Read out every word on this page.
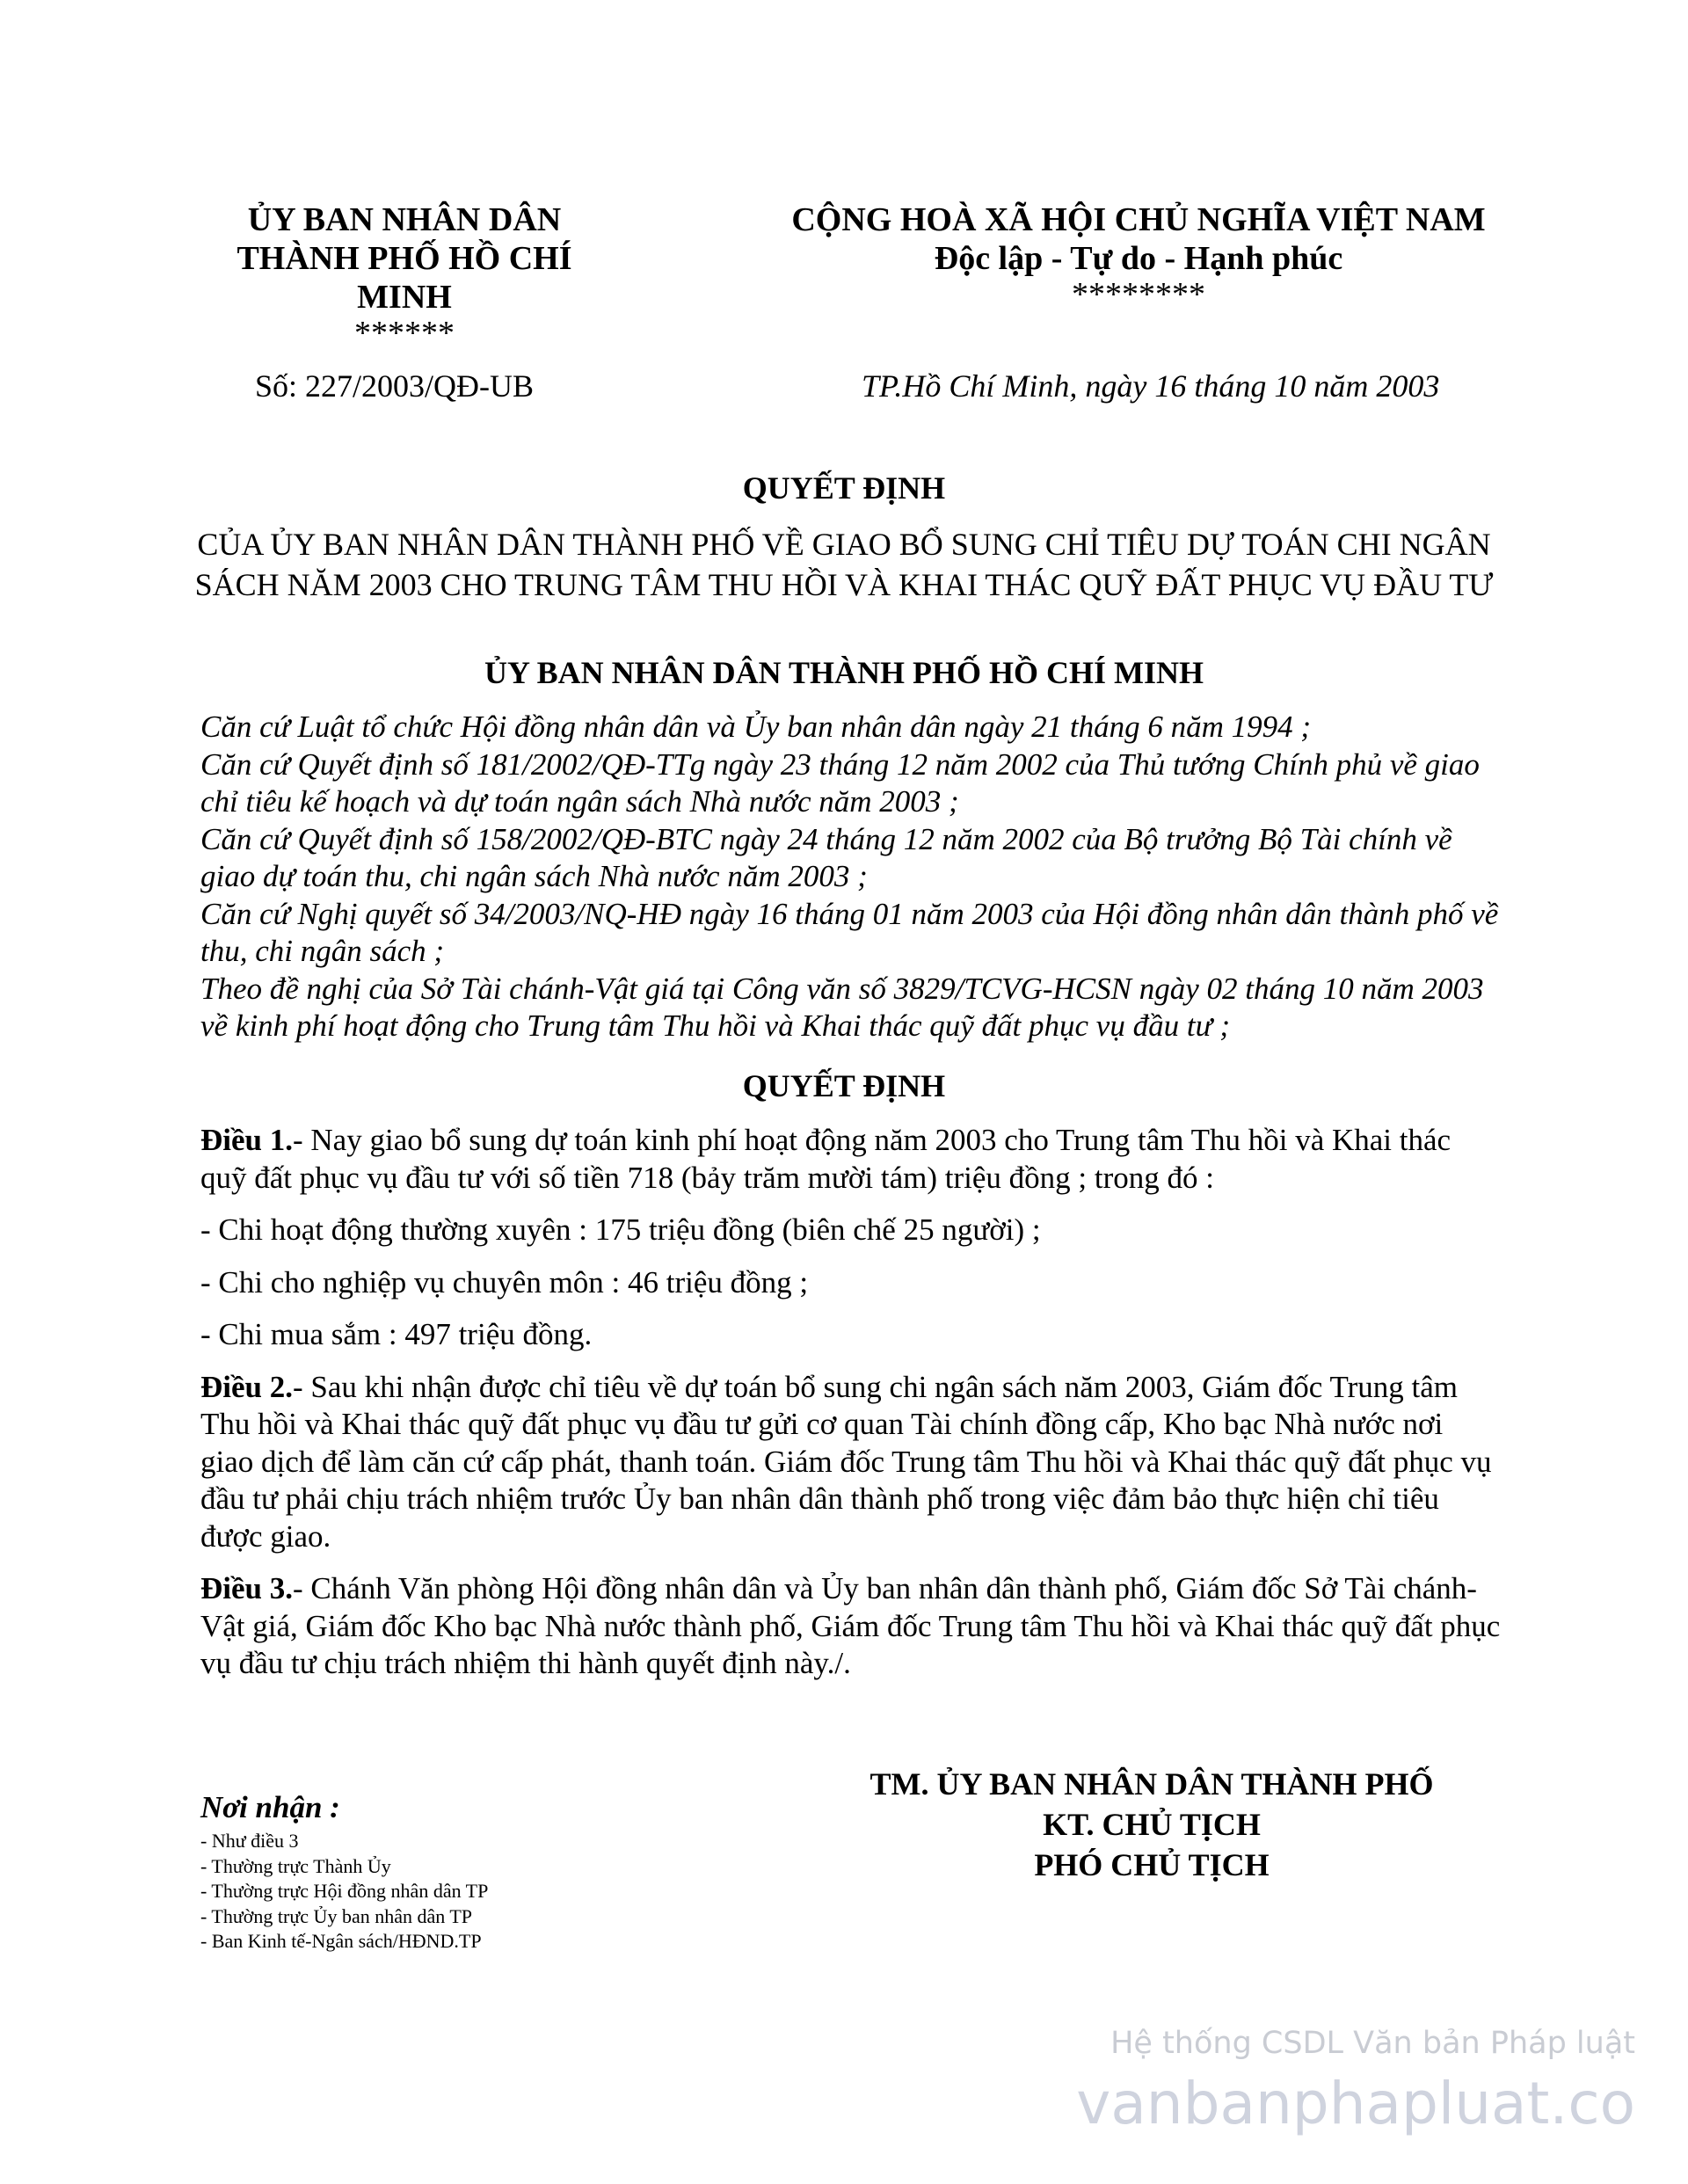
ỦY BAN NHÂN DÂN
THÀNH PHỐ HỒ CHÍ
MINH
******
CỘNG HOÀ XÃ HỘI CHỦ NGHĨA VIỆT NAM
Độc lập - Tự do - Hạnh phúc
********
Số: 227/2003/QĐ-UB	TP.Hồ Chí Minh, ngày 16 tháng 10 năm 2003
QUYẾT ĐỊNH
CỦA ỦY BAN NHÂN DÂN THÀNH PHỐ VỀ GIAO BỔ SUNG CHỈ TIÊU DỰ TOÁN CHI NGÂN SÁCH NĂM 2003 CHO TRUNG TÂM THU HỒI VÀ KHAI THÁC QUỸ ĐẤT PHỤC VỤ ĐẦU TƯ
ỦY BAN NHÂN DÂN THÀNH PHỐ HỒ CHÍ MINH

Căn cứ Luật tổ chức Hội đồng nhân dân và Ủy ban nhân dân ngày 21 tháng 6 năm 1994 ;

Căn cứ Quyết định số 181/2002/QĐ-TTg ngày 23 tháng 12 năm 2002 của Thủ tướng Chính phủ về giao chỉ tiêu kế hoạch và dự toán ngân sách Nhà nước năm 2003 ;

Căn cứ Quyết định số 158/2002/QĐ-BTC ngày 24 tháng 12 năm 2002 của Bộ trưởng Bộ Tài chính về giao dự toán thu, chi ngân sách Nhà nước năm 2003 ;

Căn cứ Nghị quyết số 34/2003/NQ-HĐ ngày 16 tháng 01 năm 2003 của Hội đồng nhân dân thành phố về thu, chi ngân sách ;

Theo đề nghị của Sở Tài chánh-Vật giá tại Công văn số 3829/TCVG-HCSN ngày 02 tháng 10 năm 2003 về kinh phí hoạt động cho Trung tâm Thu hồi và Khai thác quỹ đất phục vụ đầu tư ;

QUYẾT ĐỊNH

Điều 1.- Nay giao bổ sung dự toán kinh phí hoạt động năm 2003 cho Trung tâm Thu hồi và Khai thác quỹ đất phục vụ đầu tư với số tiền 718 (bảy trăm mười tám) triệu đồng ; trong đó :

- Chi hoạt động thường xuyên : 175 triệu đồng (biên chế 25 người) ;

- Chi cho nghiệp vụ chuyên môn : 46 triệu đồng ;

- Chi mua sắm : 497 triệu đồng.

Điều 2.- Sau khi nhận được chỉ tiêu về dự toán bổ sung chi ngân sách năm 2003, Giám đốc Trung tâm Thu hồi và Khai thác quỹ đất phục vụ đầu tư gửi cơ quan Tài chính đồng cấp, Kho bạc Nhà nước nơi giao dịch để làm căn cứ cấp phát, thanh toán. Giám đốc Trung tâm Thu hồi và Khai thác quỹ đất phục vụ đầu tư phải chịu trách nhiệm trước Ủy ban nhân dân thành phố trong việc đảm bảo thực hiện chỉ tiêu được giao.

Điều 3.- Chánh Văn phòng Hội đồng nhân dân và Ủy ban nhân dân thành phố, Giám đốc Sở Tài chánh-Vật giá, Giám đốc Kho bạc Nhà nước thành phố, Giám đốc Trung tâm Thu hồi và Khai thác quỹ đất phục vụ đầu tư chịu trách nhiệm thi hành quyết định này./.

Nơi nhận :
- Như điều 3
- Thường trực Thành Ủy
- Thường trực Hội đồng nhân dân TP
- Thường trực Ủy ban nhân dân TP
- Ban Kinh tế-Ngân sách/HĐND.TP
TM. ỦY BAN NHÂN DÂN THÀNH PHỐ
KT. CHỦ TỊCH
PHÓ CHỦ TỊCH
Hệ thống CSDL Văn bản Pháp luật
vanbanphapluat.co
